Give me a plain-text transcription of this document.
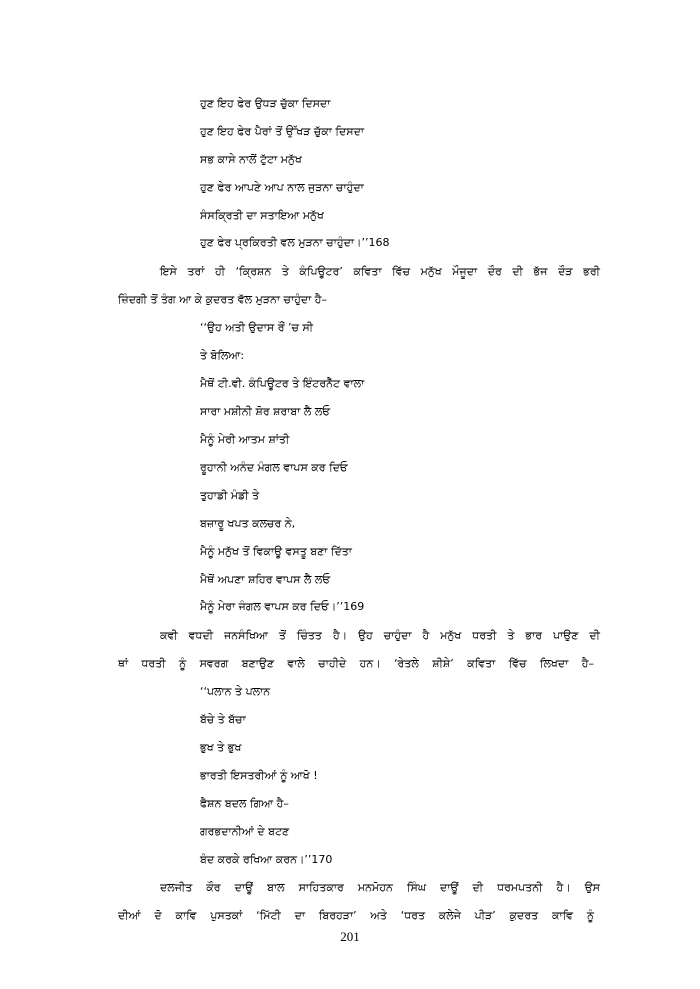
ਹੁਣ ਇਹ ਫੇਰ ਉਧੜ ਚੁੱਕਾ ਦਿਸਦਾ
ਹੁਣ ਇਹ ਫੇਰ ਪੈਰਾਂ ਤੋਂ ਉੱਖੜ ਚੁੱਕਾ ਦਿਸਦਾ
ਸਭ ਕਾਸੇ ਨਾਲੋਂ ਟੁੱਟਾ ਮਨੁੱਖ
ਹੁਣ ਫੇਰ ਆਪਣੇ ਆਪ ਨਾਲ ਜੁੜਨਾ ਚਾਹੁੰਦਾ
ਸੰਸਕ੍ਰਿਤੀ ਦਾ ਸਤਾਇਆ ਮਨੁੱਖ
ਹੁਣ ਫੇਰ ਪ੍ਰਕਿਰਤੀ ਵਲ ਮੁੜਨਾ ਚਾਹੁੰਦਾ।’’168
ਇਸੇ ਤਰਾਂ ਹੀ ‘ਕ੍ਰਿਸ਼ਨ ਤੇ ਕੰਪਿਊਟਰ’ ਕਵਿਤਾ ਵਿੱਚ ਮਨੁੱਖ ਮੌਜੂਦਾ ਦੌਰ ਦੀ ਭੱਜ ਦੌੜ ਭਰੀ
ਜ਼ਿੰਦਗੀ ਤੋਂ ਤੰਗ ਆ ਕੇ ਕੁਦਰਤ ਵੱਲ ਮੁੜਨਾ ਚਾਹੁੰਦਾ ਹੈ–
‘‘ਉਹ ਅਤੀ ਉਦਾਸ ਰੌਂ ’ਚ ਸੀ
ਤੇ ਬੋਲਿਆ:
ਮੈਥੋਂ ਟੀ.ਵੀ. ਕੰਪਿਊਟਰ ਤੇ ਇੰਟਰਨੈੱਟ ਵਾਲਾ
ਸਾਰਾ ਮਸ਼ੀਨੀ ਸ਼ੋਰ ਸ਼ਰਾਬਾ ਲੈ ਲਓ
ਮੈਨੂੰ ਮੇਰੀ ਆਤਮ ਸ਼ਾਂਤੀ
ਰੂਹਾਨੀ ਅਨੰਦ ਮੰਗਲ ਵਾਪਸ ਕਰ ਦਿਓ
ਤੁਹਾਡੀ ਮੰਡੀ ਤੇ
ਬਜ਼ਾਰੂ ਖਪਤ ਕਲਚਰ ਨੇ,
ਮੈਨੂੰ ਮਨੁੱਖ ਤੋਂ ਵਿਕਾਊ ਵਸਤੂ ਬਣਾ ਦਿੱਤਾ
ਮੈਥੋਂ ਅਪਣਾ ਸ਼ਹਿਰ ਵਾਪਸ ਲੈ ਲਓ
ਮੈਨੂੰ ਮੇਰਾ ਜੰਗਲ ਵਾਪਸ ਕਰ ਦਿਓ।’’169
ਕਵੀ ਵਧਦੀ ਜਨਸੰਖਿਆ ਤੋਂ ਚਿੰਤਤ ਹੈ। ਉਹ ਚਾਹੁੰਦਾ ਹੈ ਮਨੁੱਖ ਧਰਤੀ ਤੇ ਭਾਰ ਪਾਉਣ ਦੀ
ਥਾਂ ਧਰਤੀ ਨੂੰ ਸਵਰਗ ਬਣਾਉਣ ਵਾਲੇ ਚਾਹੀਦੇ ਹਨ। ‘ਰੇਤਲੇ ਸ਼ੀਸ਼ੇ’ ਕਵਿਤਾ ਵਿੱਚ ਲਿਖਦਾ ਹੈ–
‘‘ਪਲਾਨ ਤੇ ਪਲਾਨ
ਬੱਚੇ ਤੇ ਬੱਚਾ
ਭੁਖ ਤੇ ਭੁਖ
ਭਾਰਤੀ ਇਸਤਰੀਆਂ ਨੂੰ ਆਖੋ !
ਫੈਸ਼ਨ ਬਦਲ ਗਿਆ ਹੈ–
ਗਰਭਦਾਨੀਆਂ ਦੇ ਬਟਣ
ਬੰਦ ਕਰਕੇ ਰਖਿਆ ਕਰਨ।’’170
ਦਲਜੀਤ ਕੌਰ ਦਾਊਂ ਬਾਲ ਸਾਹਿਤਕਾਰ ਮਨਮੋਹਨ ਸਿੰਘ ਦਾਊਂ ਦੀ ਧਰਮਪਤਨੀ ਹੈ। ਉਸ
ਦੀਆਂ ਦੋ ਕਾਵਿ ਪੁਸਤਕਾਂ ‘ਮਿੱਟੀ ਦਾ ਬਿਰਹੜਾ’ ਅਤੇ ‘ਧਰਤ ਕਲੇਜੇ ਪੀੜ’ ਕੁਦਰਤ ਕਾਵਿ ਨੂੰ
201
